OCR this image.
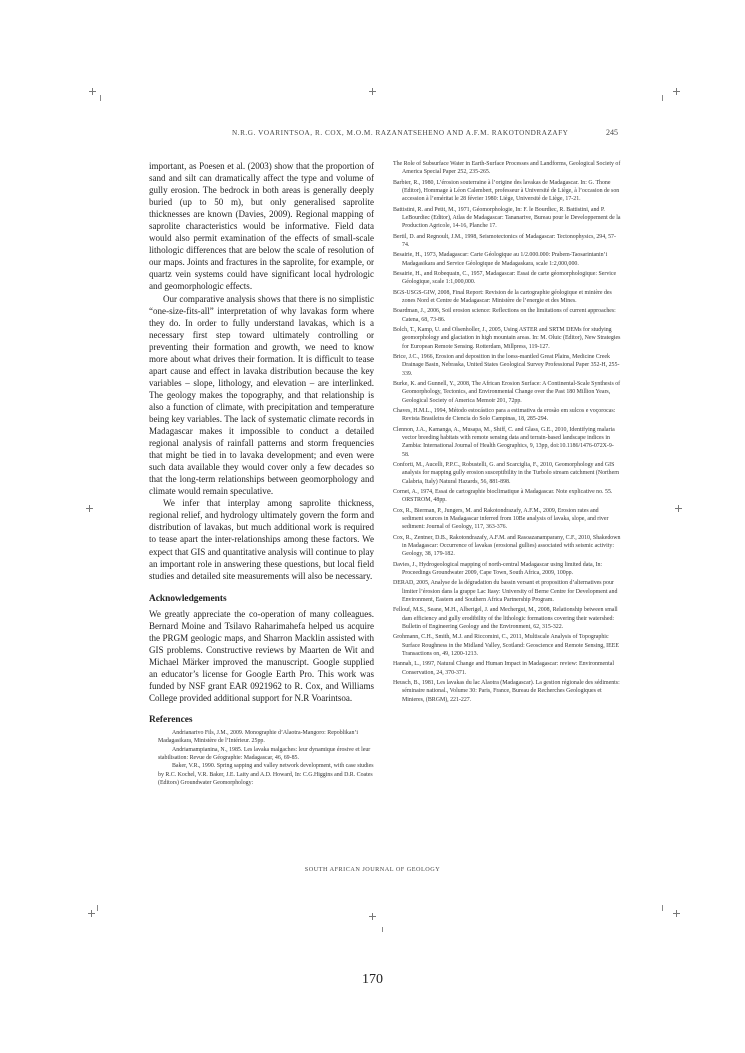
N.R.G. VOARINTSOA, R. COX, M.O.M. RAZANATSEHENO AND A.F.M. RAKOTONDRAZAFY	245

important, as Poesen et al. (2003) show that the proportion of sand and silt can dramatically affect the type and volume of gully erosion. The bedrock in both areas is generally deeply buried (up to 50 m), but only generalised saprolite thicknesses are known (Davies, 2009). Regional mapping of saprolite characteristics would be informative. Field data would also permit examination of the effects of small-scale lithologic differences that are below the scale of resolution of our maps. Joints and fractures in the saprolite, for example, or quartz vein systems could have significant local hydrologic and geomorphologic effects.

Our comparative analysis shows that there is no simplistic “one-size-fits-all” interpretation of why lavakas form where they do. In order to fully understand lavakas, which is a necessary first step toward ultimately controlling or preventing their formation and growth, we need to know more about what drives their formation. It is difficult to tease apart cause and effect in lavaka distribution because the key variables – slope, lithology, and elevation – are interlinked. The geology makes the topography, and that relationship is also a function of climate, with precipitation and temperature being key variables. The lack of systematic climate records in Madagascar makes it impossible to conduct a detailed regional analysis of rainfall patterns and storm frequencies that might be tied in to lavaka development; and even were such data available they would cover only a few decades so that the long-term relationships between geomorphology and climate would remain speculative.

We infer that interplay among saprolite thickness, regional relief, and hydrology ultimately govern the form and distribution of lavakas, but much additional work is required to tease apart the inter-relationships among these factors. We expect that GIS and quantitative analysis will continue to play an important role in answering these questions, but local field studies and detailed site measurements will also be necessary.

Acknowledgements

We greatly appreciate the co-operation of many colleagues. Bernard Moine and Tsilavo Raharimahefa helped us acquire the PRGM geologic maps, and Sharron Macklin assisted with GIS problems. Constructive reviews by Maarten de Wit and Michael Märker improved the manuscript. Google supplied an educator’s license for Google Earth Pro. This work was funded by NSF grant EAR 0921962 to R. Cox, and Williams College provided additional support for N.R Voarintsoa.

References

Andrianarivo Fils, J.M., 2009. Monographie d’Alaotra-Mangoro: Repoblikan’i Madagasikara, Ministère de l’Intérieur. 25pp.

Andriamampianina, N., 1985. Les lavaka malgaches: leur dynamique érosive et leur stabilisation: Revue de Géographie: Madagascar, 46, 69-85.

Baker, V.R., 1990. Spring sapping and valley network development, with case studies by R.C. Kochel, V.R. Baker, J.E. Laity and A.D. Howard, In: C.G.Higgins and D.R. Coates (Editors) Groundwater Geomorphology:

The Role of Subsurface Water in Earth-Surface Processes and Landforms, Geological Society of America Special Paper 252, 235-265.

Barbier, R., 1980, L’érosion souterraine à l’origine des lavakas de Madagascar. In: G. Thone (Editor), Hommage à Léon Calembert, professeur à Université de Liège, à l’occasion de son accession à l’eméritat le 28 février 1980: Liège, Université de Liège, 17-21.

Battistini, R. and Petit, M., 1971, Géomorphologie, In: F. le Bourdiec, R. Battistini, and P. LeBourdiec (Editor), Atlas de Madagascar: Tananarive, Bureau pour le Developpement de la Production Agricole, 14-16, Planche 17.

Bertil, D. and Regnoult, J.M., 1998, Seismotectonics of Madagascar: Tectonophysics, 294, 57-74.

Besairie, H., 1973, Madagascar: Carte Géologique au 1/2.000.000: Prabem-Taosarintanin’i Madagasikara and Service Géologique de Madagaskara, scale 1:2,000,000.

Besairie, H., and Robequain, C., 1957, Madagascar: Essai de carte géomorphologique: Service Géologique, scale 1:1,000,000.

BGS-USGS-GIW, 2008, Final Report: Revision de la cartographie géologique et minière des zones Nord et Centre de Madagascar: Ministère de l’energie et des Mines.

Boardman, J., 2006, Soil erosion science: Reflections on the limitations of current approaches: Catena, 68, 73-86.

Bolch, T., Kamp, U. and Olsenholler, J., 2005, Using ASTER and SRTM DEMs for studying geomorphology and glaciation in high mountain areas. In: M. Oluic (Editor), New Strategies for European Remote Sensing. Rotterdam, Millpress, 119-127.

Brice, J.C., 1966, Erosion and deposition in the loess-mantled Great Plains, Medicine Creek Drainage Basin, Nebraska, United States Geological Survey Professional Paper 352-H, 255-339.

Burke, K. and Gunnell, Y., 2008, The African Erosion Surface: A Continental-Scale Synthesis of Geomorphology, Tectonics, and Environmental Change over the Past 180 Million Years, Geological Society of America Memoir 201, 72pp.

Chaves, H.M.L., 1994, Método estocástico para a estimativa da erosão em sulcos e voçorocas: Revista Brasileira de Ciencia do Solo Campinas, 18, 285-294.

Clennon, J.A., Kamanga, A., Musapa, M., Shiff, C. and Glass, G.E., 2010, Identifying malaria vector breeding habitats with remote sensing data and terrain-based landscape indices in Zambia: International Journal of Health Geographics, 9, 13pp, doi:10.1186/1476-072X-9-58.

Conforti, M., Aucelli, P.P.C., Robustelli, G. and Scarciglia, F., 2010, Geomorphology and GIS analysis for mapping gully erosion susceptibility in the Turbolo stream catchment (Northern Calabria, Italy) Natural Hazards, 56, 881-898.

Cornet, A., 1974, Essai de cartographie bioclimatique à Madagascar. Note explicative no. 55. ORSTROM, 48pp.

Cox, R., Bierman, P., Jungers, M. and Rakotondrazafy, A.F.M., 2009, Erosion rates and sediment sources in Madagascar inferred from 10Be analysis of lavaka, slope, and river sediment: Journal of Geology, 117, 363-376.

Cox, R., Zentner, D.B., Rakotondrazafy, A.F.M. and Rasoazanamparany, C.F., 2010, Shakedown in Madagascar: Occurrence of lavakas (erosional gullies) associated with seismic activity: Geology, 38, 179-182.

Davies, J., Hydrogeological mapping of north-central Madagascar using limited data, In: Proceedings Groundwater 2009, Cape Town, South Africa, 2009, 100pp.

DERAD, 2005, Analyse de la dégradation du bassin versant et proposition d’alternatives pour limiter l’érosion dans la grappe Lac Itasy: University of Berne Centre for Development and Environment, Eastern and Southern Africa Partnership Program.

Fellouf, M.S., Seane, M.H., Alberigel, J. and Mechergui, M., 2008, Relationship between small dam efficiency and gully erodibility of the lithologic formations covering their watershed: Bulletin of Engineering Geology and the Environment, 62, 315-322.

Grohmann, C.H., Smith, M.J. and Riccomini, C., 2011, Multiscale Analysis of Topographic Surface Roughness in the Midland Valley, Scotland: Geoscience and Remote Sensing, IEEE Transactions on, 49, 1200-1213.

Hannah, L., 1997, Natural Change and Human Impact in Madagascar: review: Environmental Conservation, 24, 370-371.

Heusch, B., 1981, Les lavakas du lac Alaotra (Madagascar). La gestion régionale des sédiments: séminaire national., Volume 30: Paris, France, Bureau de Recherches Geologiques et Minieres, (BRGM), 221-227.

SOUTH AFRICAN JOURNAL OF GEOLOGY
170
